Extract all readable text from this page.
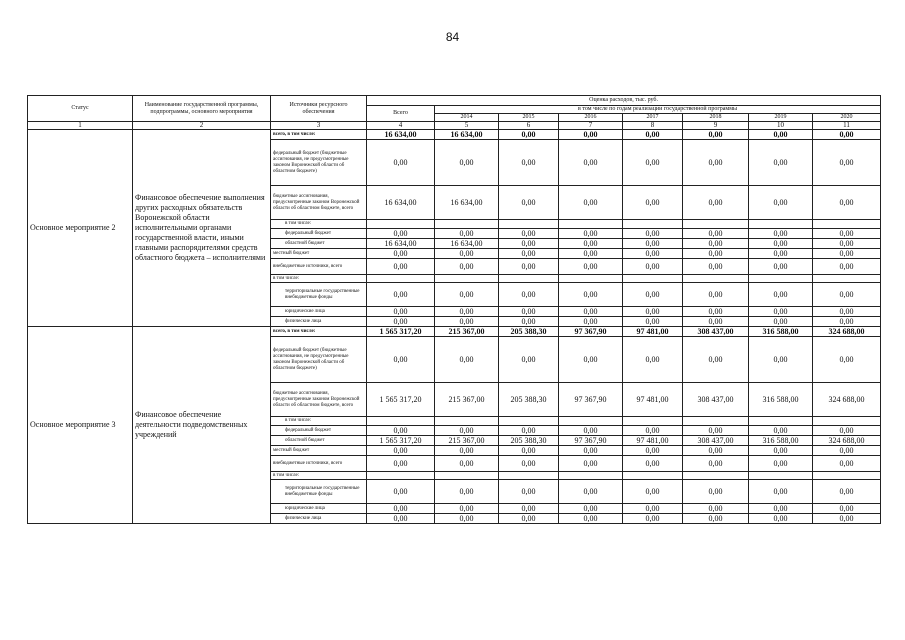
84
Статус	Наименование государственной программы, подпрограммы, основного мероприятия	Источники ресурсного обеспечения	Оценка расходов, тыс. руб.							
			Всего	в том числе по годам реализации государственной программы						
				2014	2015	2016	2017	2018	2019	2020
1	2	3	4	5	6	7	8	9	10	11
Основное мероприятие 2	Финансовое обеспечение выполнения других расходных обязательств Воронежской области исполнительными органами государственной власти, иными главными распорядителями средств областного бюджета – исполнителями	всего, в том числе:	16 634,00	16 634,00	0,00	0,00	0,00	0,00	0,00	0,00
		федеральный бюджет (бюджетные ассигнования, не предусмотренные законом Воронежской области об областном бюджете)	0,00	0,00	0,00	0,00	0,00	0,00	0,00	0,00
		бюджетные ассигнования, предусмотренные законом Воронежской области об областном бюджете, всего	16 634,00	16 634,00	0,00	0,00	0,00	0,00	0,00	0,00
		в том числе:								
		федеральный бюджет	0,00	0,00	0,00	0,00	0,00	0,00	0,00	0,00
		областной бюджет	16 634,00	16 634,00	0,00	0,00	0,00	0,00	0,00	0,00
		местный бюджет	0,00	0,00	0,00	0,00	0,00	0,00	0,00	0,00
		внебюджетные источники, всего	0,00	0,00	0,00	0,00	0,00	0,00	0,00	0,00
		в том числе:								
		территориальные государственные внебюджетные фонды	0,00	0,00	0,00	0,00	0,00	0,00	0,00	0,00
		юридические лица	0,00	0,00	0,00	0,00	0,00	0,00	0,00	0,00
		физические лица	0,00	0,00	0,00	0,00	0,00	0,00	0,00	0,00
Основное мероприятие 3	Финансовое обеспечение деятельности подведомственных учреждений	всего, в том числе:	1 565 317,20	215 367,00	205 388,30	97 367,90	97 481,00	308 437,00	316 588,00	324 688,00
		федеральный бюджет (бюджетные ассигнования, не предусмотренные законом Воронежской области об областном бюджете)	0,00	0,00	0,00	0,00	0,00	0,00	0,00	0,00
		бюджетные ассигнования, предусмотренные законом Воронежской области об областном бюджете, всего	1 565 317,20	215 367,00	205 388,30	97 367,90	97 481,00	308 437,00	316 588,00	324 688,00
		в том числе:								
		федеральный бюджет	0,00	0,00	0,00	0,00	0,00	0,00	0,00	0,00
		областной бюджет	1 565 317,20	215 367,00	205 388,30	97 367,90	97 481,00	308 437,00	316 588,00	324 688,00
		местный бюджет	0,00	0,00	0,00	0,00	0,00	0,00	0,00	0,00
		внебюджетные источники, всего	0,00	0,00	0,00	0,00	0,00	0,00	0,00	0,00
		в том числе:								
		территориальные государственные внебюджетные фонды	0,00	0,00	0,00	0,00	0,00	0,00	0,00	0,00
		юридические лица	0,00	0,00	0,00	0,00	0,00	0,00	0,00	0,00
		физические лица	0,00	0,00	0,00	0,00	0,00	0,00	0,00	0,00
